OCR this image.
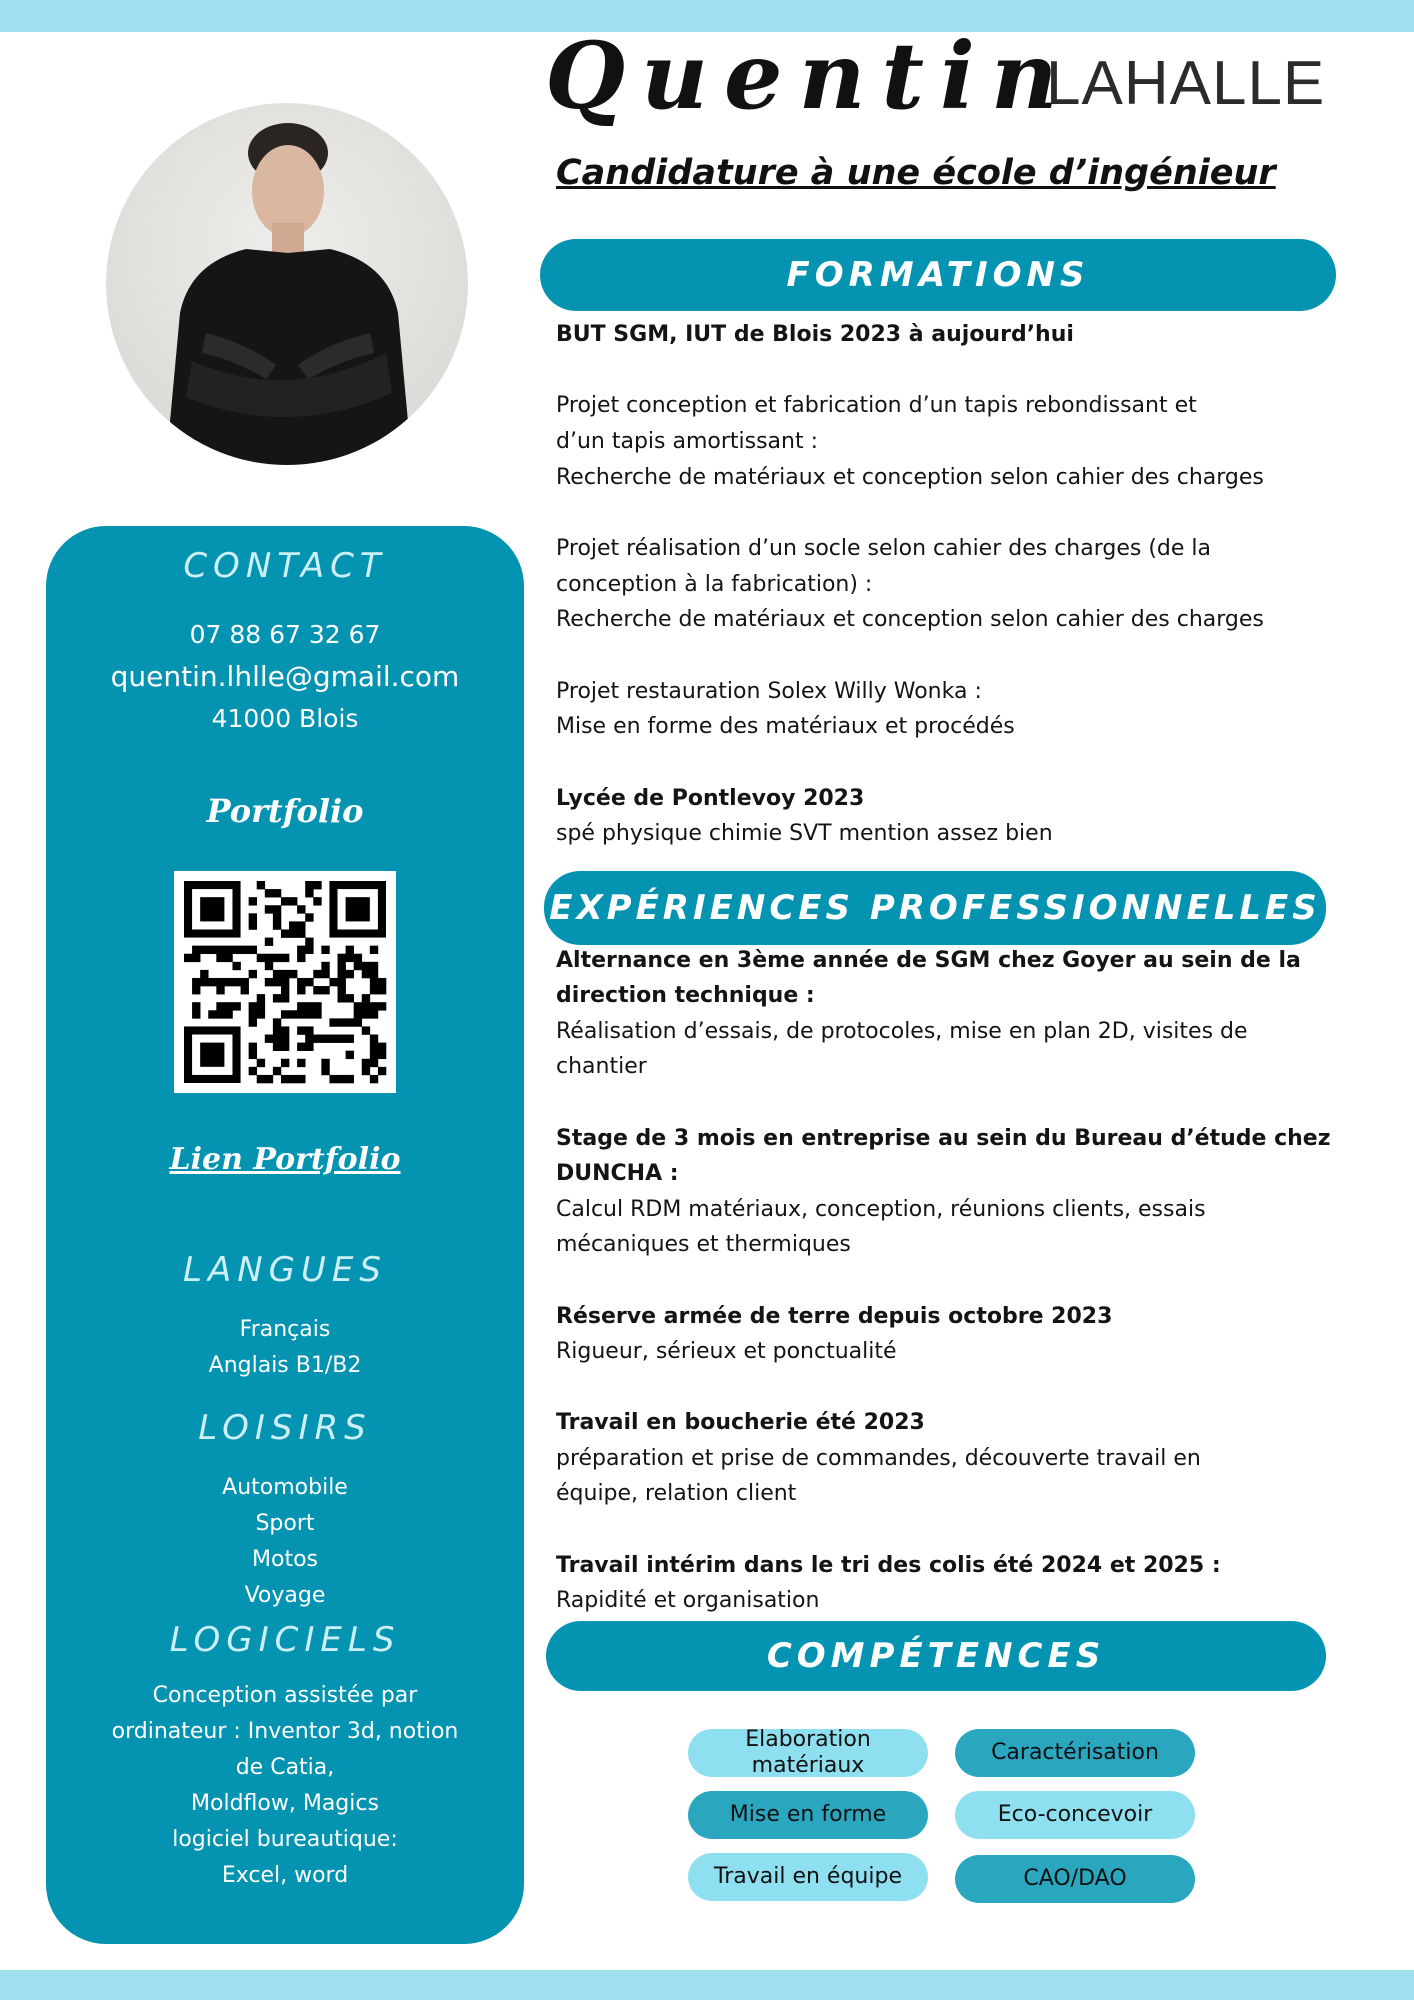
Quentin
LAHALLE
Candidature à une école d’ingénieur
CONTACT
07 88 67 32 67
quentin.lhlle@gmail.com
41000 Blois
Portfolio
Lien Portfolio
LANGUES
Français
Anglais B1/B2
LOISIRS
Automobile
Sport
Motos
Voyage
LOGICIELS
Conception assistée par
ordinateur : Inventor 3d, notion
de Catia,
Moldflow, Magics
logiciel bureautique:
Excel, word
FORMATIONS
BUT SGM, IUT de Blois 2023 à aujourd’hui
Projet conception et fabrication d’un tapis rebondissant et
d’un tapis amortissant :
Recherche de matériaux et conception selon cahier des charges
Projet réalisation d’un socle selon cahier des charges (de la
conception à la fabrication) :
Recherche de matériaux et conception selon cahier des charges
Projet restauration Solex Willy Wonka :
Mise en forme des matériaux et procédés
Lycée de Pontlevoy 2023
spé physique chimie SVT mention assez bien
EXPÉRIENCES PROFESSIONNELLES
Alternance en 3ème année de SGM chez Goyer au sein de la
direction technique :
Réalisation d’essais, de protocoles, mise en plan 2D, visites de
chantier
Stage de 3 mois en entreprise au sein du Bureau d’étude chez
DUNCHA :
Calcul RDM matériaux, conception, réunions clients, essais
mécaniques et thermiques
Réserve armée de terre depuis octobre 2023
Rigueur, sérieux et ponctualité
Travail en boucherie été 2023
préparation et prise de commandes, découverte travail en
équipe, relation client
Travail intérim dans le tri des colis été 2024 et 2025 :
Rapidité et organisation
COMPÉTENCES
Elaboration matériaux
Caractérisation
Mise en forme	Eco-concevoir
Travail en équipe	CAO/DAO
